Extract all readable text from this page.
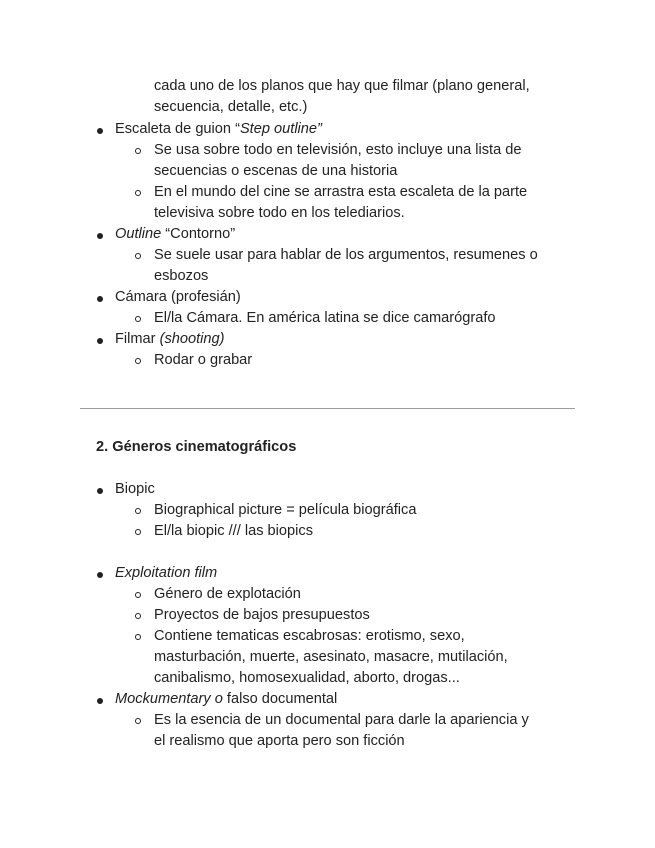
cada uno de los planos que hay que filmar (plano general,
secuencia, detalle, etc.)
Escaleta de guion “Step outline”
Se usa sobre todo en televisión, esto incluye una lista de
secuencias o escenas de una historia
En el mundo del cine se arrastra esta escaleta de la parte
televisiva sobre todo en los telediarios.
Outline “Contorno”
Se suele usar para hablar de los argumentos, resumenes o
esbozos
Cámara (profesián)
El/la Cámara. En américa latina se dice camarógrafo
Filmar (shooting)
Rodar o grabar
2. Géneros cinematográficos
Biopic
Biographical picture = película biográfica
El/la biopic /// las biopics
Exploitation film
Género de explotación
Proyectos de bajos presupuestos
Contiene tematicas escabrosas: erotismo, sexo,
masturbación, muerte, asesinato, masacre, mutilación,
canibalismo, homosexualidad, aborto, drogas...
Mockumentary o falso documental
Es la esencia de un documental para darle la apariencia y
el realismo que aporta pero son ficción
